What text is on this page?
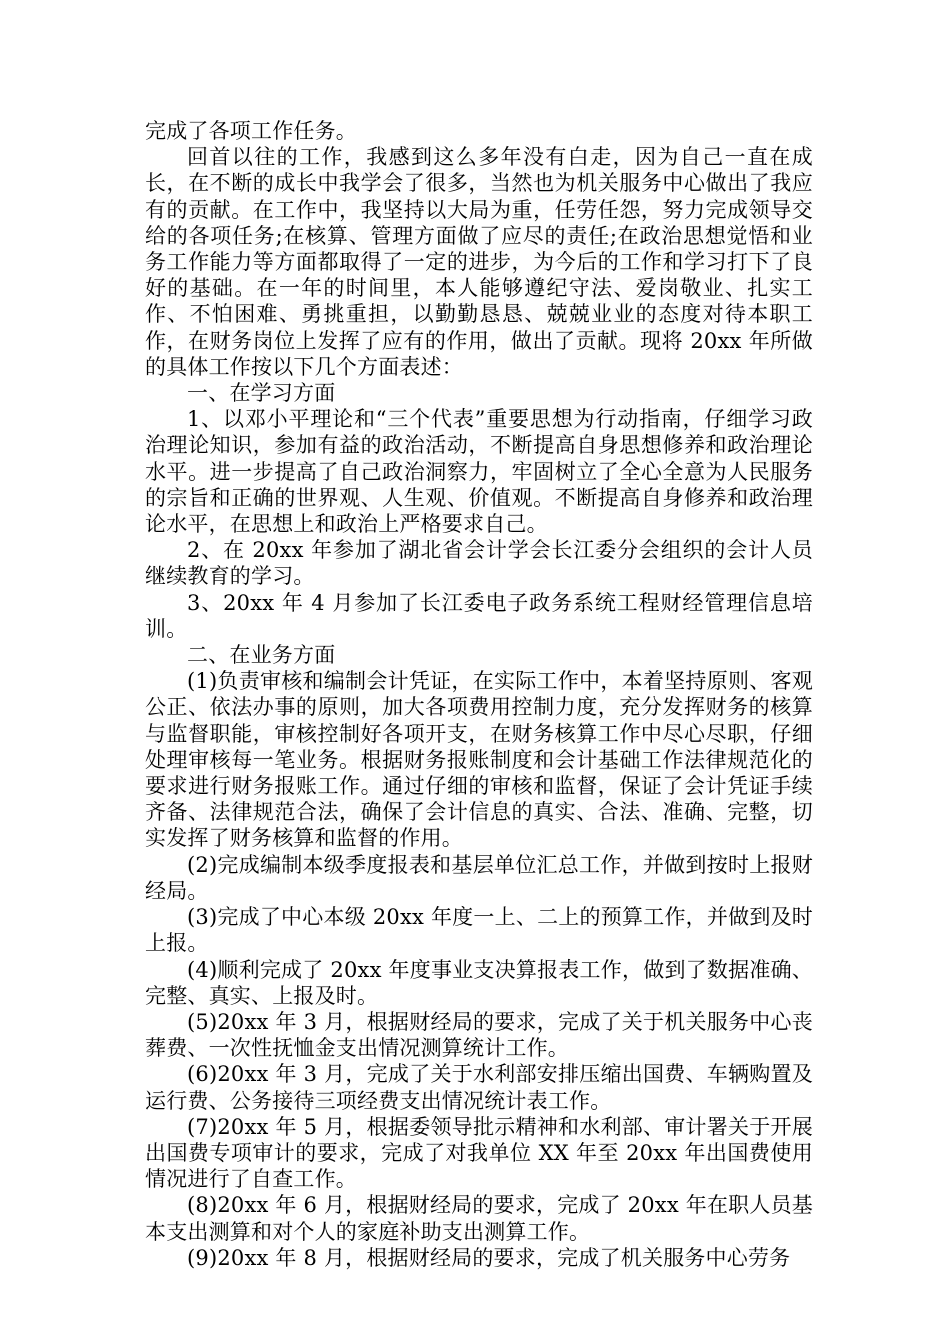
完成了各项工作任务。

回首以往的工作，我感到这么多年没有白走，因为自己一直在成长，在不断的成长中我学会了很多，当然也为机关服务中心做出了我应有的贡献。在工作中，我坚持以大局为重，任劳任怨，努力完成领导交给的各项任务;在核算、管理方面做了应尽的责任;在政治思想觉悟和业务工作能力等方面都取得了一定的进步，为今后的工作和学习打下了良好的基础。在一年的时间里，本人能够遵纪守法、爱岗敬业、扎实工作、不怕困难、勇挑重担，以勤勤恳恳、兢兢业业的态度对待本职工作，在财务岗位上发挥了应有的作用，做出了贡献。现将 20xx 年所做的具体工作按以下几个方面表述：

一、在学习方面

1、以邓小平理论和“三个代表”重要思想为行动指南，仔细学习政治理论知识，参加有益的政治活动，不断提高自身思想修养和政治理论水平。进一步提高了自己政治洞察力，牢固树立了全心全意为人民服务的宗旨和正确的世界观、人生观、价值观。不断提高自身修养和政治理论水平，在思想上和政治上严格要求自己。

2、在 20xx 年参加了湖北省会计学会长江委分会组织的会计人员继续教育的学习。

3、20xx 年 4 月参加了长江委电子政务系统工程财经管理信息培训。

二、在业务方面

(1)负责审核和编制会计凭证，在实际工作中，本着坚持原则、客观公正、依法办事的原则，加大各项费用控制力度，充分发挥财务的核算与监督职能，审核控制好各项开支，在财务核算工作中尽心尽职，仔细处理审核每一笔业务。根据财务报账制度和会计基础工作法律规范化的要求进行财务报账工作。通过仔细的审核和监督，保证了会计凭证手续齐备、法律规范合法，确保了会计信息的真实、合法、准确、完整，切实发挥了财务核算和监督的作用。

(2)完成编制本级季度报表和基层单位汇总工作，并做到按时上报财经局。

(3)完成了中心本级 20xx 年度一上、二上的预算工作，并做到及时上报。

(4)顺利完成了 20xx 年度事业支决算报表工作，做到了数据准确、完整、真实、上报及时。

(5)20xx 年 3 月，根据财经局的要求，完成了关于机关服务中心丧葬费、一次性抚恤金支出情况测算统计工作。

(6)20xx 年 3 月，完成了关于水利部安排压缩出国费、车辆购置及运行费、公务接待三项经费支出情况统计表工作。

(7)20xx 年 5 月，根据委领导批示精神和水利部、审计署关于开展出国费专项审计的要求，完成了对我单位 XX 年至 20xx 年出国费使用情况进行了自查工作。

(8)20xx 年 6 月，根据财经局的要求，完成了 20xx 年在职人员基本支出测算和对个人的家庭补助支出测算工作。

(9)20xx 年 8 月，根据财经局的要求，完成了机关服务中心劳务
